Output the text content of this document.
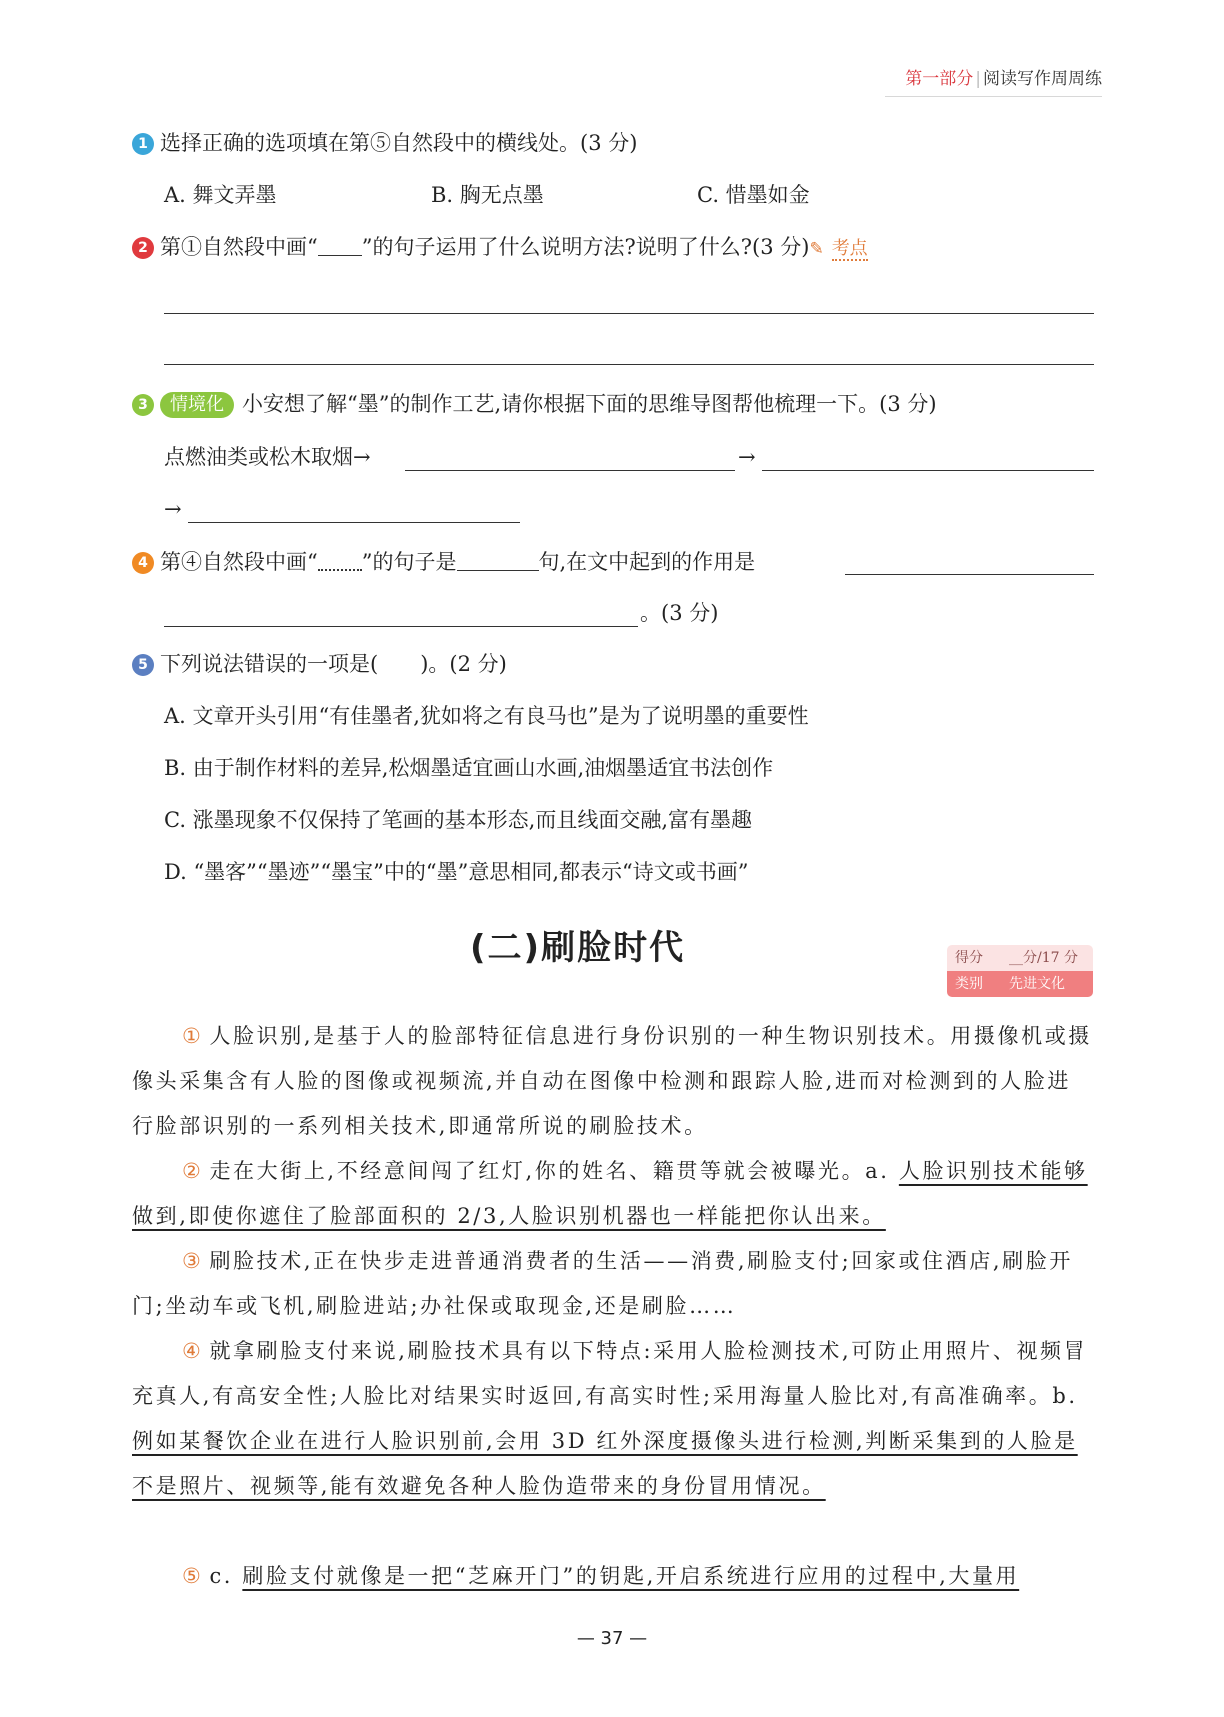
第一部分 | 阅读写作周周练
1 选择正确的选项填在第⑤自然段中的横线处。(3 分)
A. 舞文弄墨	B. 胸无点墨	C. 惜墨如金
2 第①自然段中画“ ”的句子运用了什么说明方法?说明了什么?(3 分)✎ 考点
3 情境化 小安想了解“墨”的制作工艺,请你根据下面的思维导图帮他梳理一下。(3 分)
点燃油类或松木取烟→	→
→
4 第④自然段中画“ ”的句子是	句,在文中起到的作用是
。(3 分)
5 下列说法错误的一项是(　　)。(2 分)
A. 文章开头引用“有佳墨者,犹如将之有良马也”是为了说明墨的重要性
B. 由于制作材料的差异,松烟墨适宜画山水画,油烟墨适宜书法创作
C. 涨墨现象不仅保持了笔画的基本形态,而且线面交融,富有墨趣
D. “墨客”“墨迹”“墨宝”中的“墨”意思相同,都表示“诗文或书画”
(二)刷脸时代	得分 __分/17 分
类别 先进文化
① 人脸识别,是基于人的脸部特征信息进行身份识别的一种生物识别技术。用摄像机或摄像头采集含有人脸的图像或视频流,并自动在图像中检测和跟踪人脸,进而对检测到的人脸进行脸部识别的一系列相关技术,即通常所说的刷脸技术。
② 走在大街上,不经意间闯了红灯,你的姓名、籍贯等就会被曝光。a. 人脸识别技术能够做到,即使你遮住了脸部面积的 2/3,人脸识别机器也一样能把你认出来。
③ 刷脸技术,正在快步走进普通消费者的生活——消费,刷脸支付;回家或住酒店,刷脸开门;坐动车或飞机,刷脸进站;办社保或取现金,还是刷脸……
④ 就拿刷脸支付来说,刷脸技术具有以下特点:采用人脸检测技术,可防止用照片、视频冒充真人,有高安全性;人脸比对结果实时返回,有高实时性;采用海量人脸比对,有高准确率。b. 例如某餐饮企业在进行人脸识别前,会用 3D 红外深度摄像头进行检测,判断采集到的人脸是不是照片、视频等,能有效避免各种人脸伪造带来的身份冒用情况。
⑤ c. 刷脸支付就像是一把“芝麻开门”的钥匙,开启系统进行应用的过程中,大量用
— 37 —
